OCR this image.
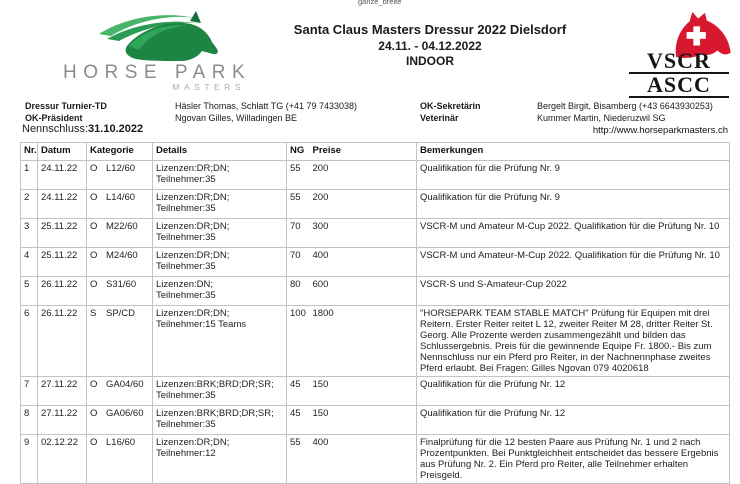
ganze_breite
HORSE PARK
MASTERS
Santa Claus Masters Dressur 2022 Dielsdorf
24.11. - 04.12.2022
INDOOR	VSCR
ASCC
Dressur Turnier-TD	Häsler Thomas, Schlatt TG (+41 79 7433038)	OK-Sekretärin	Bergelt Birgit, Bisamberg (+43 6643930253)
OK-Präsident	Ngovan Gilles, Willadingen BE	Veterinär	Kummer Martin, Niederuzwil SG
Nennschluss:31.10.2022	http://www.horseparkmasters.ch
Nr.	Datum	Kategorie	Details	NG	Preise	Bemerkungen
1	24.11.22	O L12/60	Lizenzen:DR;DN;
Teilnehmer:35	55	200	Qualifikation für die Prüfung Nr. 9
2	24.11.22	O L14/60	Lizenzen:DR;DN;
Teilnehmer:35	55	200	Qualifikation für die Prüfung Nr. 9
3	25.11.22	O M22/60	Lizenzen:DR;DN;
Teilnehmer:35	70	300	VSCR-M und Amateur M-Cup 2022. Qualifikation für die Prüfung Nr. 10
4	25.11.22	O M24/60	Lizenzen:DR;DN;
Teilnehmer:35	70	400	VSCR-M und Amateur-M-Cup 2022. Qualifikation für die Prüfung Nr. 10
5	26.11.22	O S31/60	Lizenzen:DN;
Teilnehmer:35	80	600	VSCR-S und S-Amateur-Cup 2022
6	26.11.22	S SP/CD	Lizenzen:DR;DN;
Teilnehmer:15 Teams	100	1800	"HORSEPARK TEAM STABLE MATCH" Prüfung für Equipen mit drei Reitern. Erster Reiter reitet L 12, zweiter Reiter M 28, dritter Reiter St. Georg. Alle Prozente werden zusammengezählt und bilden das Schlussergebnis. Preis für die gewinnende Equipe Fr. 1800.- Bis zum Nennschluss nur ein Pferd pro Reiter, in der Nachnennphase zweites Pferd erlaubt. Bei Fragen: Gilles Ngovan 079 4020618
7	27.11.22	O GA04/60	Lizenzen:BRK;BRD;DR;SR;
Teilnehmer:35	45	150	Qualifikation für die Prüfung Nr. 12
8	27.11.22	O GA06/60	Lizenzen:BRK;BRD;DR;SR;
Teilnehmer:35	45	150	Qualifikation für die Prüfung Nr. 12
9	02.12.22	O L16/60	Lizenzen:DR;DN;
Teilnehmer:12	55	400	Finalprüfung für die 12 besten Paare aus Prüfung Nr. 1 und 2 nach Prozentpunkten. Bei Punktgleichheit entscheidet das bessere Ergebnis aus Prüfung Nr. 2. Ein Pferd pro Reiter, alle Teilnehmer erhalten Preisgeld.
